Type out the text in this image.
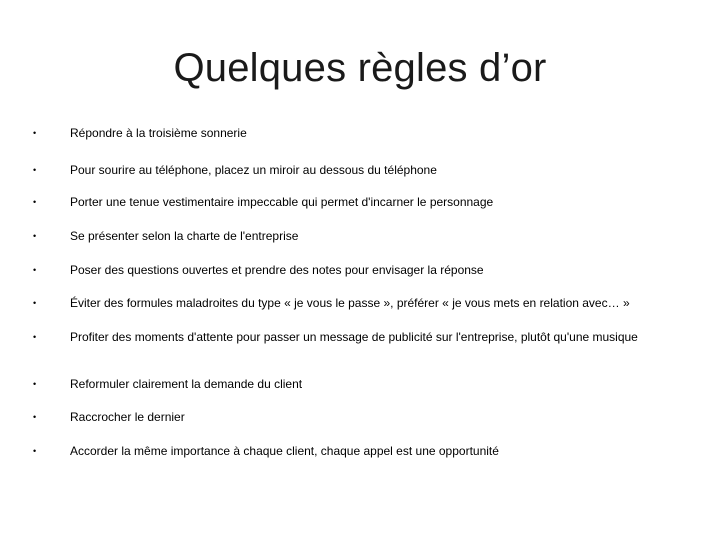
Quelques règles d’or
•	Répondre à la troisième sonnerie
•	Pour sourire au téléphone, placez un miroir au dessous du téléphone
•	Porter une tenue vestimentaire impeccable qui permet d'incarner le personnage
•	Se présenter selon la charte de l'entreprise
•	Poser des questions ouvertes et prendre des notes pour envisager la réponse
•	Éviter des formules maladroites du type « je vous le passe », préférer « je vous mets en relation avec… »
•	Profiter des moments d'attente pour passer un message de publicité sur l'entreprise, plutôt qu'une musique
•	Reformuler clairement la demande du client
•	Raccrocher le dernier
•	Accorder la même importance à chaque client, chaque appel est une opportunité
